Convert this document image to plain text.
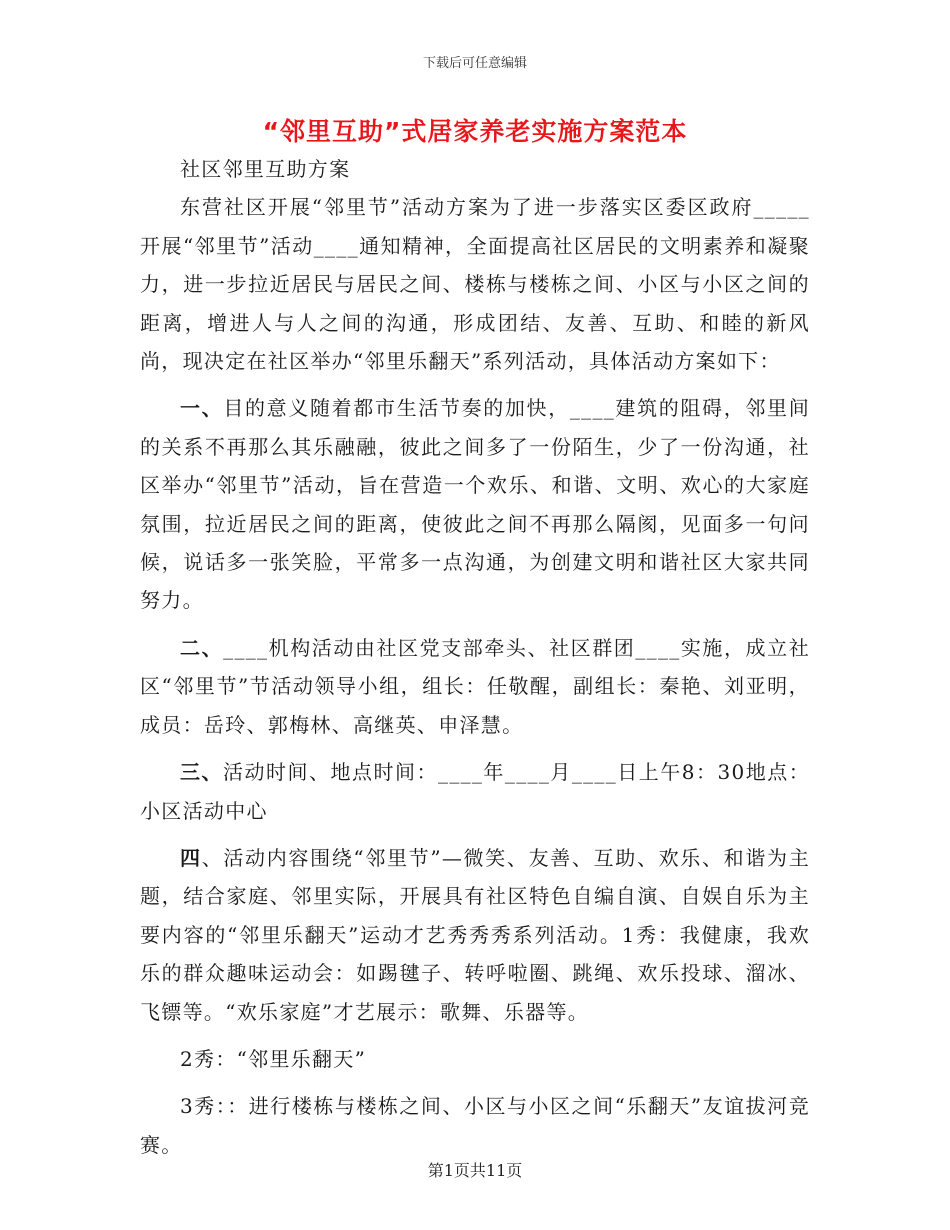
下载后可任意编辑
“邻里互助”式居家养老实施方案范本

社区邻里互助方案

东营社区开展“邻里节”活动方案为了进一步落实区委区政府_____开展“邻里节”活动____通知精神，全面提高社区居民的文明素养和凝聚力，进一步拉近居民与居民之间、楼栋与楼栋之间、小区与小区之间的距离，增进人与人之间的沟通，形成团结、友善、互助、和睦的新风尚，现决定在社区举办“邻里乐翻天”系列活动，具体活动方案如下：

一、目的意义随着都市生活节奏的加快，____建筑的阻碍，邻里间的关系不再那么其乐融融，彼此之间多了一份陌生，少了一份沟通，社区举办“邻里节”活动，旨在营造一个欢乐、和谐、文明、欢心的大家庭氛围，拉近居民之间的距离，使彼此之间不再那么隔阂，见面多一句问候，说话多一张笑脸，平常多一点沟通，为创建文明和谐社区大家共同努力。

二、____机构活动由社区党支部牵头、社区群团____实施，成立社区“邻里节”节活动领导小组，组长：任敬醒，副组长：秦艳、刘亚明，成员：岳玲、郭梅林、高继英、申泽慧。

三、活动时间、地点时间：____年____月____日上午8：30地点：小区活动中心

四、活动内容围绕“邻里节”—微笑、友善、互助、欢乐、和谐为主题，结合家庭、邻里实际，开展具有社区特色自编自演、自娱自乐为主要内容的“邻里乐翻天”运动才艺秀秀秀系列活动。1秀：我健康，我欢乐的群众趣味运动会：如踢毽子、转呼啦圈、跳绳、欢乐投球、溜冰、飞镖等。“欢乐家庭”才艺展示：歌舞、乐器等。

2秀：“邻里乐翻天”

3秀：：进行楼栋与楼栋之间、小区与小区之间“乐翻天”友谊拔河竞赛。

第1页共11页
